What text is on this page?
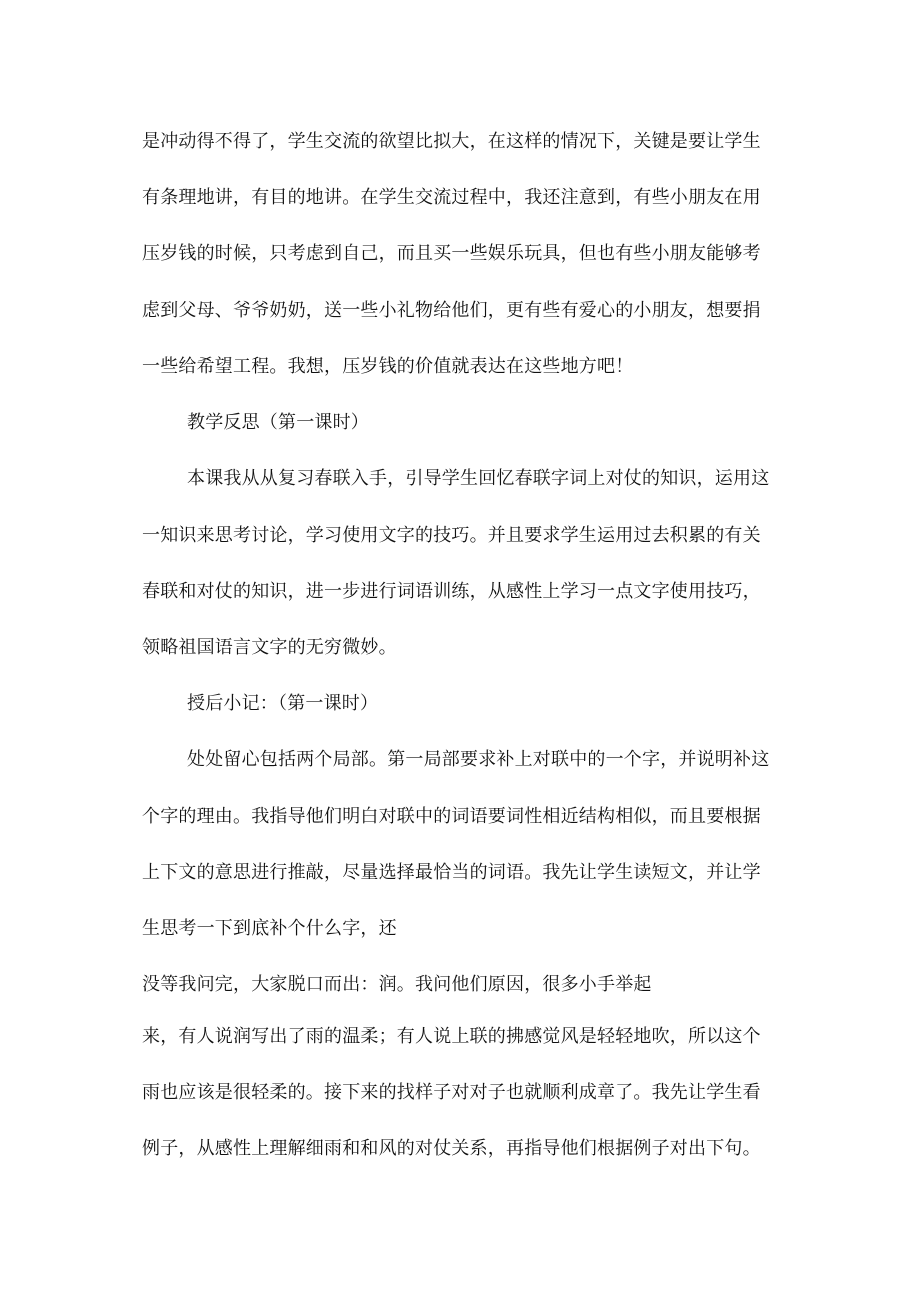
是冲动得不得了，学生交流的欲望比拟大，在这样的情况下，关键是要让学生
有条理地讲，有目的地讲。在学生交流过程中，我还注意到，有些小朋友在用
压岁钱的时候，只考虑到自己，而且买一些娱乐玩具，但也有些小朋友能够考
虑到父母、爷爷奶奶，送一些小礼物给他们，更有些有爱心的小朋友，想要捐
一些给希望工程。我想，压岁钱的价值就表达在这些地方吧！
教学反思（第一课时）
本课我从从复习春联入手，引导学生回忆春联字词上对仗的知识，运用这
一知识来思考讨论，学习使用文字的技巧。并且要求学生运用过去积累的有关
春联和对仗的知识，进一步进行词语训练，从感性上学习一点文字使用技巧，
领略祖国语言文字的无穷微妙。
授后小记：（第一课时）
处处留心包括两个局部。第一局部要求补上对联中的一个字，并说明补这
个字的理由。我指导他们明白对联中的词语要词性相近结构相似，而且要根据
上下文的意思进行推敲，尽量选择最恰当的词语。我先让学生读短文，并让学
生思考一下到底补个什么字，还
没等我问完，大家脱口而出：润。我问他们原因，很多小手举起
来，有人说润写出了雨的温柔；有人说上联的拂感觉风是轻轻地吹，所以这个
雨也应该是很轻柔的。接下来的找样子对对子也就顺利成章了。我先让学生看
例子，从感性上理解细雨和和风的对仗关系，再指导他们根据例子对出下句。
